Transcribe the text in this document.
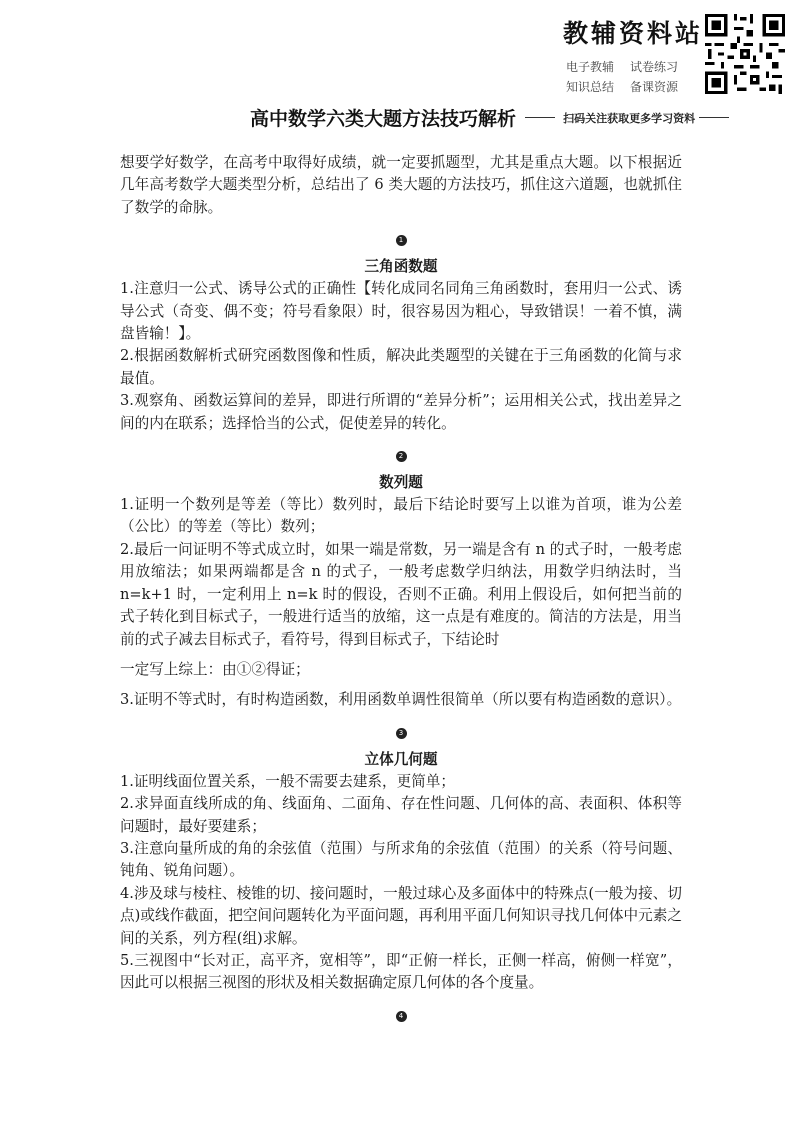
教辅资料站
电子教辅 试卷练习 知识总结 备课资源
高中数学六类大题方法技巧解析	扫码关注获取更多学习资料

想要学好数学，在高考中取得好成绩，就一定要抓题型，尤其是重点大题。以下根据近几年高考数学大题类型分析，总结出了 6 类大题的方法技巧，抓住这六道题，也就抓住了数学的命脉。

1
三角函数题

1.注意归一公式、诱导公式的正确性【转化成同名同角三角函数时，套用归一公式、诱导公式（奇变、偶不变；符号看象限）时，很容易因为粗心，导致错误！一着不慎，满盘皆输！】。

2.根据函数解析式研究函数图像和性质，解决此类题型的关键在于三角函数的化简与求最值。

3.观察角、函数运算间的差异，即进行所谓的“差异分析”；运用相关公式，找出差异之间的内在联系；选择恰当的公式，促使差异的转化。

2
数列题

1.证明一个数列是等差（等比）数列时，最后下结论时要写上以谁为首项，谁为公差（公比）的等差（等比）数列；

2.最后一问证明不等式成立时，如果一端是常数，另一端是含有 n 的式子时，一般考虑用放缩法；如果两端都是含 n 的式子，一般考虑数学归纳法，用数学归纳法时，当 n=k+1 时，一定利用上 n=k 时的假设，否则不正确。利用上假设后，如何把当前的式子转化到目标式子，一般进行适当的放缩，这一点是有难度的。简洁的方法是，用当前的式子减去目标式子，看符号，得到目标式子，下结论时

一定写上综上：由①②得证；

3.证明不等式时，有时构造函数，利用函数单调性很简单（所以要有构造函数的意识）。

3
立体几何题

1.证明线面位置关系，一般不需要去建系，更简单；

2.求异面直线所成的角、线面角、二面角、存在性问题、几何体的高、表面积、体积等问题时，最好要建系；

3.注意向量所成的角的余弦值（范围）与所求角的余弦值（范围）的关系（符号问题、钝角、锐角问题）。

4.涉及球与棱柱、棱锥的切、接问题时，一般过球心及多面体中的特殊点(一般为接、切点)或线作截面，把空间问题转化为平面问题，再利用平面几何知识寻找几何体中元素之间的关系，列方程(组)求解。

5.三视图中“长对正，高平齐，宽相等”，即“正俯一样长，正侧一样高，俯侧一样宽”，因此可以根据三视图的形状及相关数据确定原几何体的各个度量。

4
